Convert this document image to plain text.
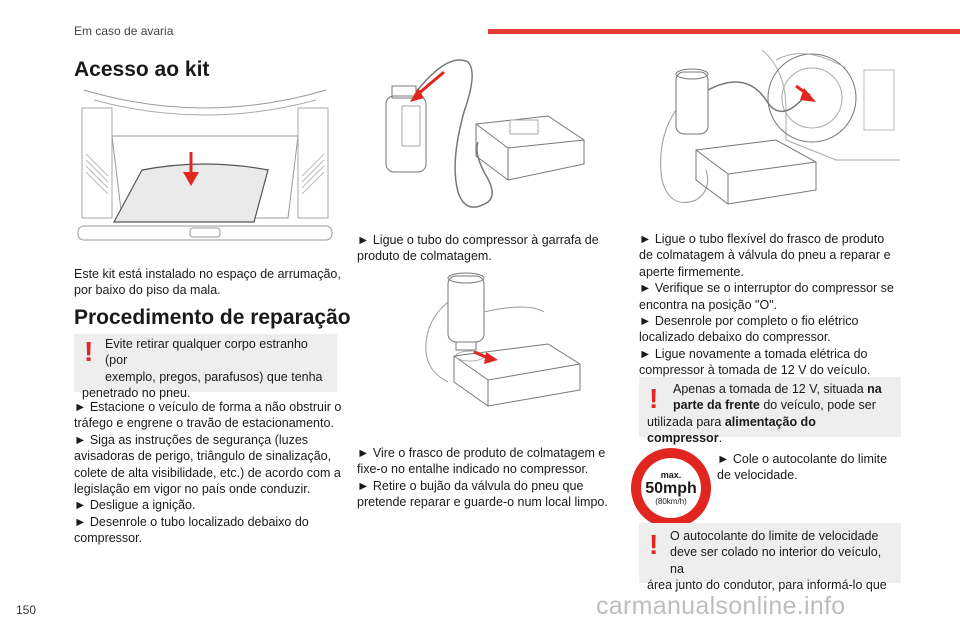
Em caso de avaria
Acesso ao kit
Este kit está instalado no espaço de arrumação,
por baixo do piso da mala.
Procedimento de reparação
! Evite retirar qualquer corpo estranho (por
exemplo, pregos, parafusos) que tenha
penetrado no pneu.
► Estacione o veículo de forma a não obstruir o
tráfego e engrene o travão de estacionamento.
► Siga as instruções de segurança (luzes
avisadoras de perigo, triângulo de sinalização,
colete de alta visibilidade, etc.) de acordo com a
legislação em vigor no país onde conduzir.
► Desligue a ignição.
► Desenrole o tubo localizado debaixo do
compressor.
► Ligue o tubo do compressor à garrafa de
produto de colmatagem.
► Vire o frasco de produto de colmatagem e
fixe-o no entalhe indicado no compressor.
► Retire o bujão da válvula do pneu que
pretende reparar e guarde-o num local limpo.
► Ligue o tubo flexível do frasco de produto
de colmatagem à válvula do pneu a reparar e
aperte firmemente.
► Verifique se o interruptor do compressor se
encontra na posição "O".
► Desenrole por completo o fio elétrico
localizado debaixo do compressor.
► Ligue novamente a tomada elétrica do
compressor à tomada de 12 V do veículo.
!	Apenas a tomada de 12 V, situada na
parte da frente do veículo, pode ser
utilizada para alimentação do compressor.
max.
50mph
(80km/h)
► Cole o autocolante do limite
de velocidade.
! O autocolante do limite de velocidade
deve ser colado no interior do veículo, na
área junto do condutor, para informá-lo que
150	carmanualsonline.info
